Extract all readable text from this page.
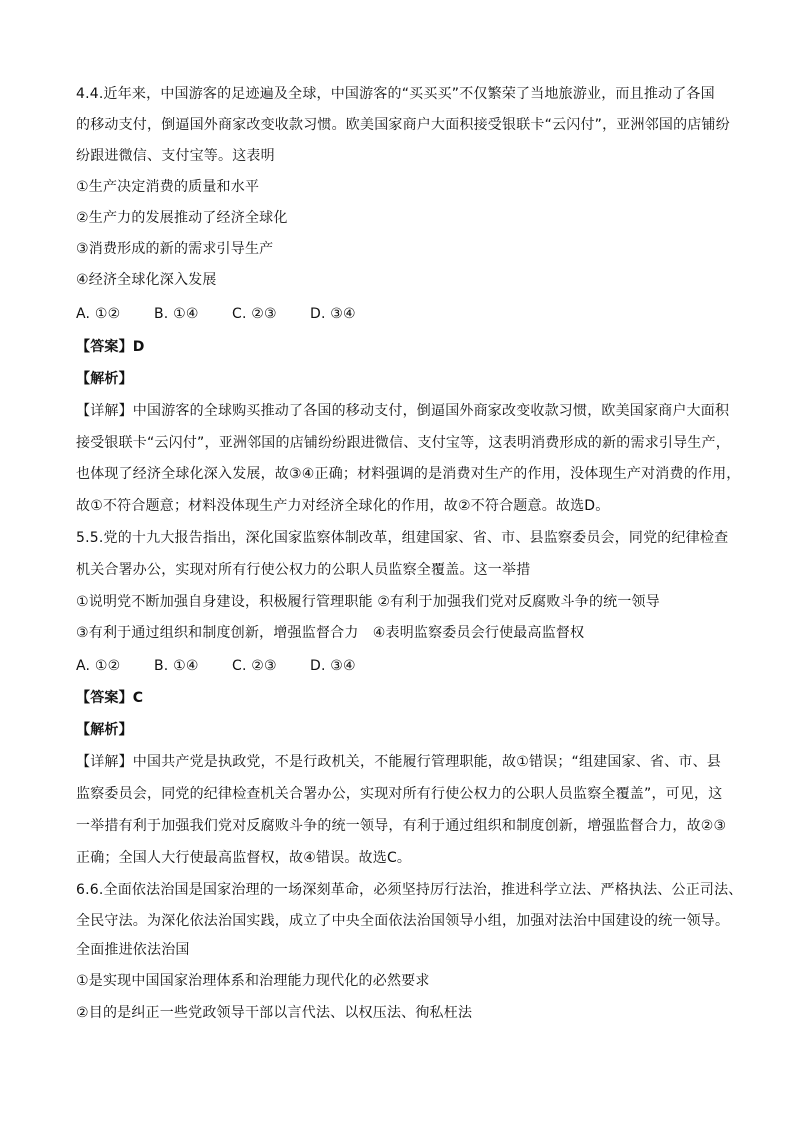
4.4.近年来，中国游客的足迹遍及全球，中国游客的“买买买”不仅繁荣了当地旅游业，而且推动了各国
的移动支付，倒逼国外商家改变收款习惯。欧美国家商户大面积接受银联卡“云闪付”，亚洲邻国的店铺纷
纷跟进微信、支付宝等。这表明
①生产决定消费的质量和水平
②生产力的发展推动了经济全球化
③消费形成的新的需求引导生产
④经济全球化深入发展
A. ①② B. ①④ C. ②③ D. ③④
【答案】D
【解析】
【详解】中国游客的全球购买推动了各国的移动支付，倒逼国外商家改变收款习惯，欧美国家商户大面积
接受银联卡“云闪付”，亚洲邻国的店铺纷纷跟进微信、支付宝等，这表明消费形成的新的需求引导生产，
也体现了经济全球化深入发展，故③④正确；材料强调的是消费对生产的作用，没体现生产对消费的作用，
故①不符合题意；材料没体现生产力对经济全球化的作用，故②不符合题意。故选D。
5.5.党的十九大报告指出，深化国家监察体制改革，组建国家、省、市、县监察委员会，同党的纪律检查
机关合署办公，实现对所有行使公权力的公职人员监察全覆盖。这一举措
①说明党不断加强自身建设，积极履行管理职能 ②有利于加强我们党对反腐败斗争的统一领导
③有利于通过组织和制度创新，增强监督合力　④表明监察委员会行使最高监督权
A. ①② B. ①④ C. ②③ D. ③④
【答案】C
【解析】
【详解】中国共产党是执政党，不是行政机关，不能履行管理职能，故①错误；“组建国家、省、市、县
监察委员会，同党的纪律检查机关合署办公，实现对所有行使公权力的公职人员监察全覆盖”，可见，这
一举措有利于加强我们党对反腐败斗争的统一领导，有利于通过组织和制度创新，增强监督合力，故②③
正确；全国人大行使最高监督权，故④错误。故选C。
6.6.全面依法治国是国家治理的一场深刻革命，必须坚持厉行法治，推进科学立法、严格执法、公正司法、
全民守法。为深化依法治国实践，成立了中央全面依法治国领导小组，加强对法治中国建设的统一领导。
全面推进依法治国
①是实现中国国家治理体系和治理能力现代化的必然要求
②目的是纠正一些党政领导干部以言代法、以权压法、徇私枉法
